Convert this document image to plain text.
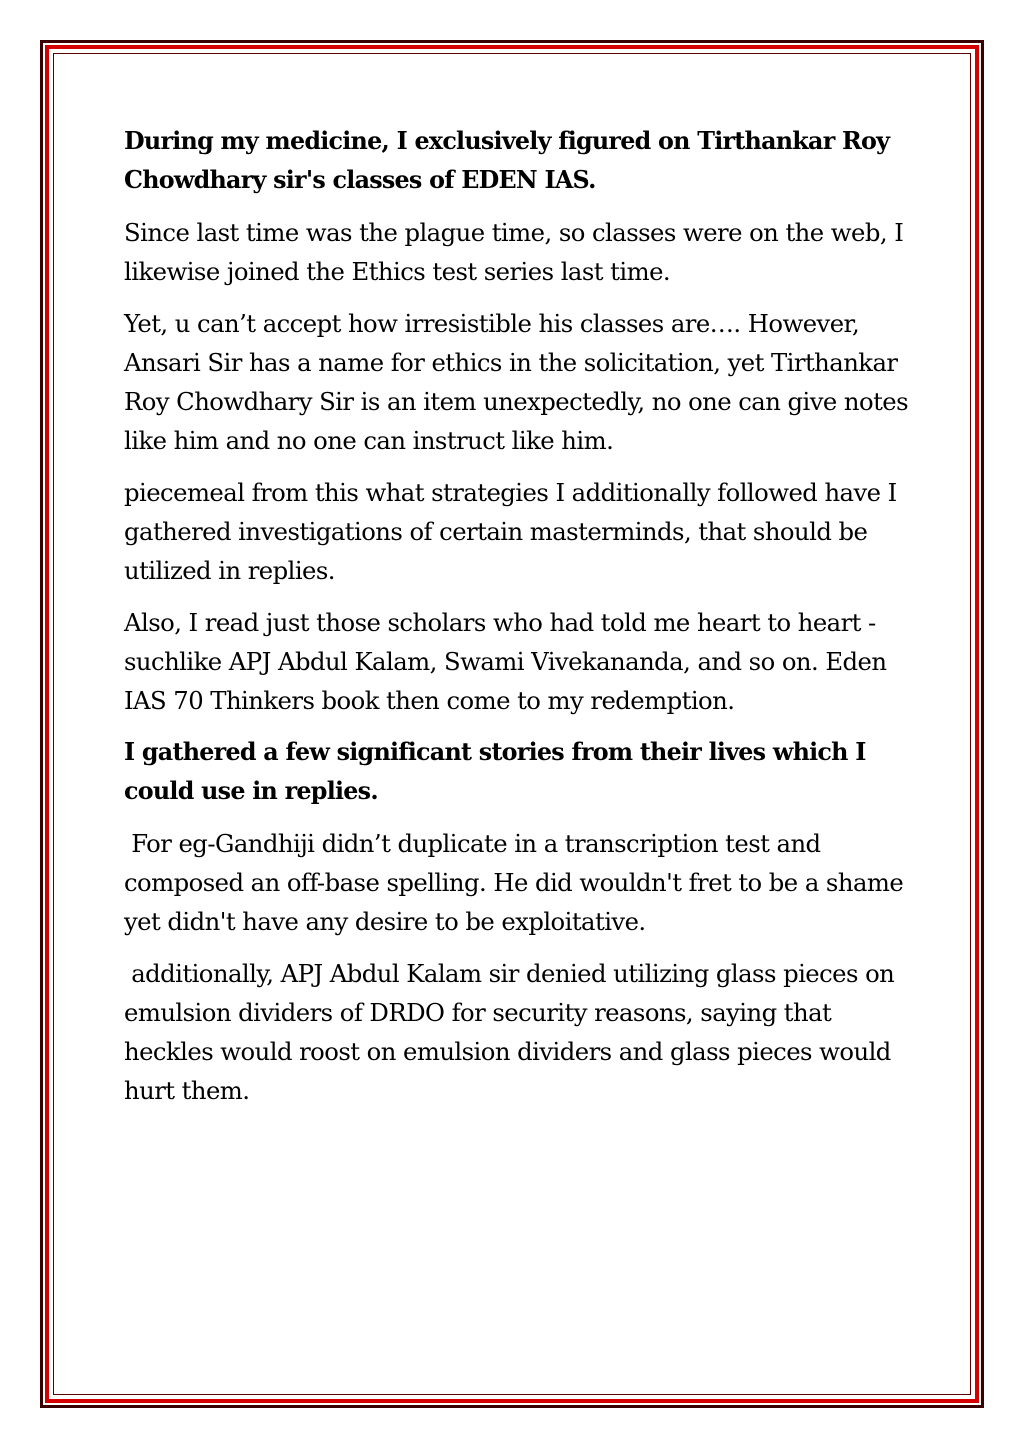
During my medicine, I exclusively figured on Tirthankar Roy Chowdhary sir's classes of EDEN IAS.

Since last time was the plague time, so classes were on the web, I likewise joined the Ethics test series last time.

Yet, u can’t accept how irresistible his classes are…. However, Ansari Sir has a name for ethics in the solicitation, yet Tirthankar Roy Chowdhary Sir is an item unexpectedly, no one can give notes like him and no one can instruct like him.

piecemeal from this what strategies I additionally followed have I gathered investigations of certain masterminds, that should be utilized in replies.

Also, I read just those scholars who had told me heart to heart - suchlike APJ Abdul Kalam, Swami Vivekananda, and so on. Eden IAS 70 Thinkers book then come to my redemption.

I gathered a few significant stories from their lives which I could use in replies.

For eg-Gandhiji didn’t duplicate in a transcription test and composed an off-base spelling. He did wouldn't fret to be a shame yet didn't have any desire to be exploitative.

additionally, APJ Abdul Kalam sir denied utilizing glass pieces on emulsion dividers of DRDO for security reasons, saying that heckles would roost on emulsion dividers and glass pieces would hurt them.
